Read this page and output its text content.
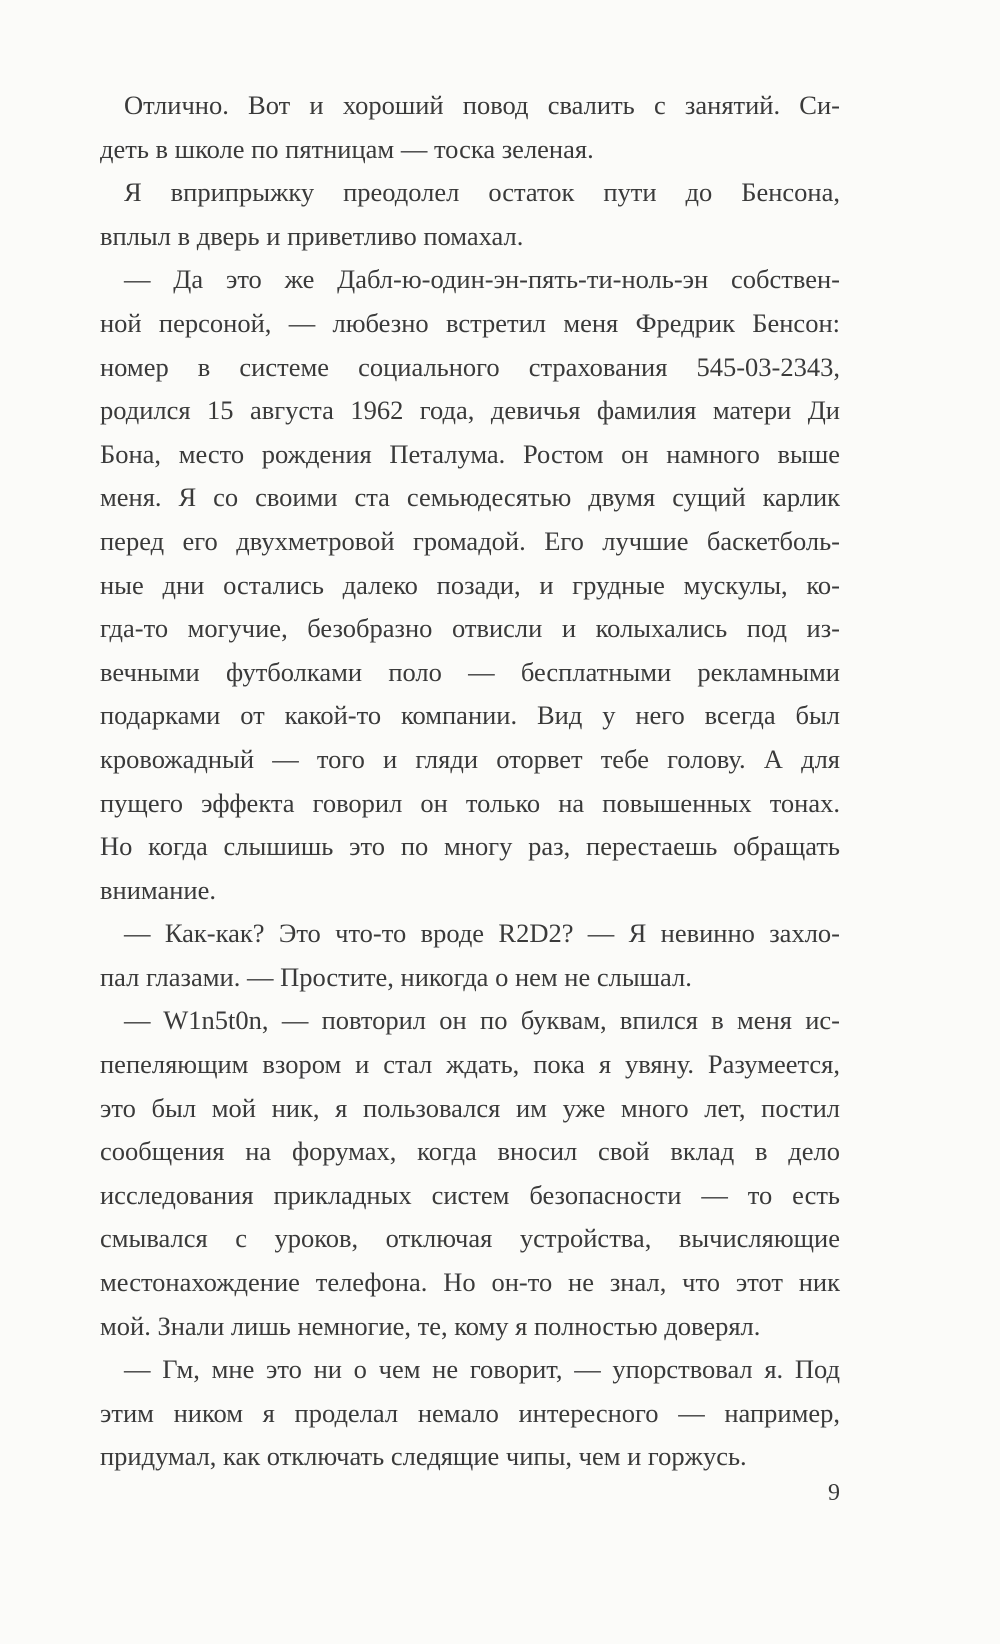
Отлично. Вот и хороший повод свалить с занятий. Си-
деть в школе по пятницам — тоска зеленая.
Я вприпрыжку преодолел остаток пути до Бенсона,
вплыл в дверь и приветливо помахал.
— Да это же Дабл-ю-один-эн-пять-ти-ноль-эн собствен-
ной персоной, — любезно встретил меня Фредрик Бенсон:
номер в системе социального страхования 545-03-2343,
родился 15 августа 1962 года, девичья фамилия матери Ди
Бона, место рождения Петалума. Ростом он намного выше
меня. Я со своими ста семьюдесятью двумя сущий карлик
перед его двухметровой громадой. Его лучшие баскетболь-
ные дни остались далеко позади, и грудные мускулы, ко-
гда-то могучие, безобразно отвисли и колыхались под из-
вечными футболками поло — бесплатными рекламными
подарками от какой-то компании. Вид у него всегда был
кровожадный — того и гляди оторвет тебе голову. А для
пущего эффекта говорил он только на повышенных тонах.
Но когда слышишь это по многу раз, перестаешь обращать
внимание.
— Как-как? Это что-то вроде R2D2? — Я невинно захло-
пал глазами. — Простите, никогда о нем не слышал.
— W1n5t0n, — повторил он по буквам, впился в меня ис-
пепеляющим взором и стал ждать, пока я увяну. Разумеется,
это был мой ник, я пользовался им уже много лет, постил
сообщения на форумах, когда вносил свой вклад в дело
исследования прикладных систем безопасности — то есть
смывался с уроков, отключая устройства, вычисляющие
местонахождение телефона. Но он-то не знал, что этот ник
мой. Знали лишь немногие, те, кому я полностью доверял.
— Гм, мне это ни о чем не говорит, — упорствовал я. Под
этим ником я проделал немало интересного — например,
придумал, как отключать следящие чипы, чем и горжусь.
9
